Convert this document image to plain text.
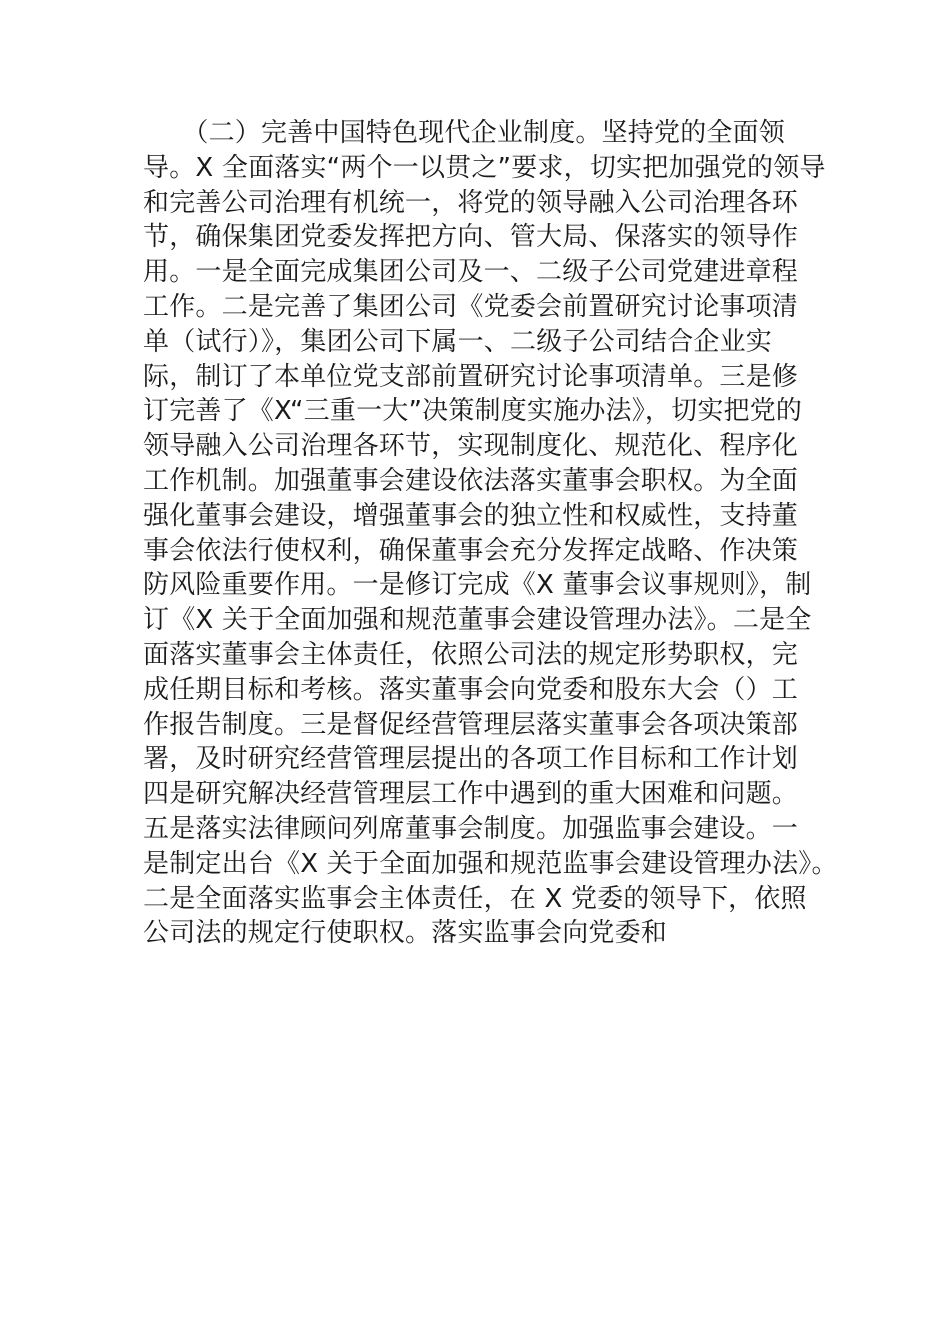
　　（二）完善中国特色现代企业制度。坚持党的全面领
导。X 全面落实“两个一以贯之”要求，切实把加强党的领导
和完善公司治理有机统一，将党的领导融入公司治理各环
节，确保集团党委发挥把方向、管大局、保落实的领导作
用。一是全面完成集团公司及一、二级子公司党建进章程
工作。二是完善了集团公司《党委会前置研究讨论事项清
单（试行）》，集团公司下属一、二级子公司结合企业实
际，制订了本单位党支部前置研究讨论事项清单。三是修
订完善了《X“三重一大”决策制度实施办法》，切实把党的
领导融入公司治理各环节，实现制度化、规范化、程序化
工作机制。加强董事会建设依法落实董事会职权。为全面
强化董事会建设，增强董事会的独立性和权威性，支持董
事会依法行使权利，确保董事会充分发挥定战略、作决策
防风险重要作用。一是修订完成《X 董事会议事规则》，制
订《X 关于全面加强和规范董事会建设管理办法》。二是全
面落实董事会主体责任，依照公司法的规定形势职权，完
成任期目标和考核。落实董事会向党委和股东大会（）工
作报告制度。三是督促经营管理层落实董事会各项决策部
署，及时研究经营管理层提出的各项工作目标和工作计划
四是研究解决经营管理层工作中遇到的重大困难和问题。
五是落实法律顾问列席董事会制度。加强监事会建设。一
是制定出台《X 关于全面加强和规范监事会建设管理办法》。
二是全面落实监事会主体责任，在 X 党委的领导下，依照
公司法的规定行使职权。落实监事会向党委和
